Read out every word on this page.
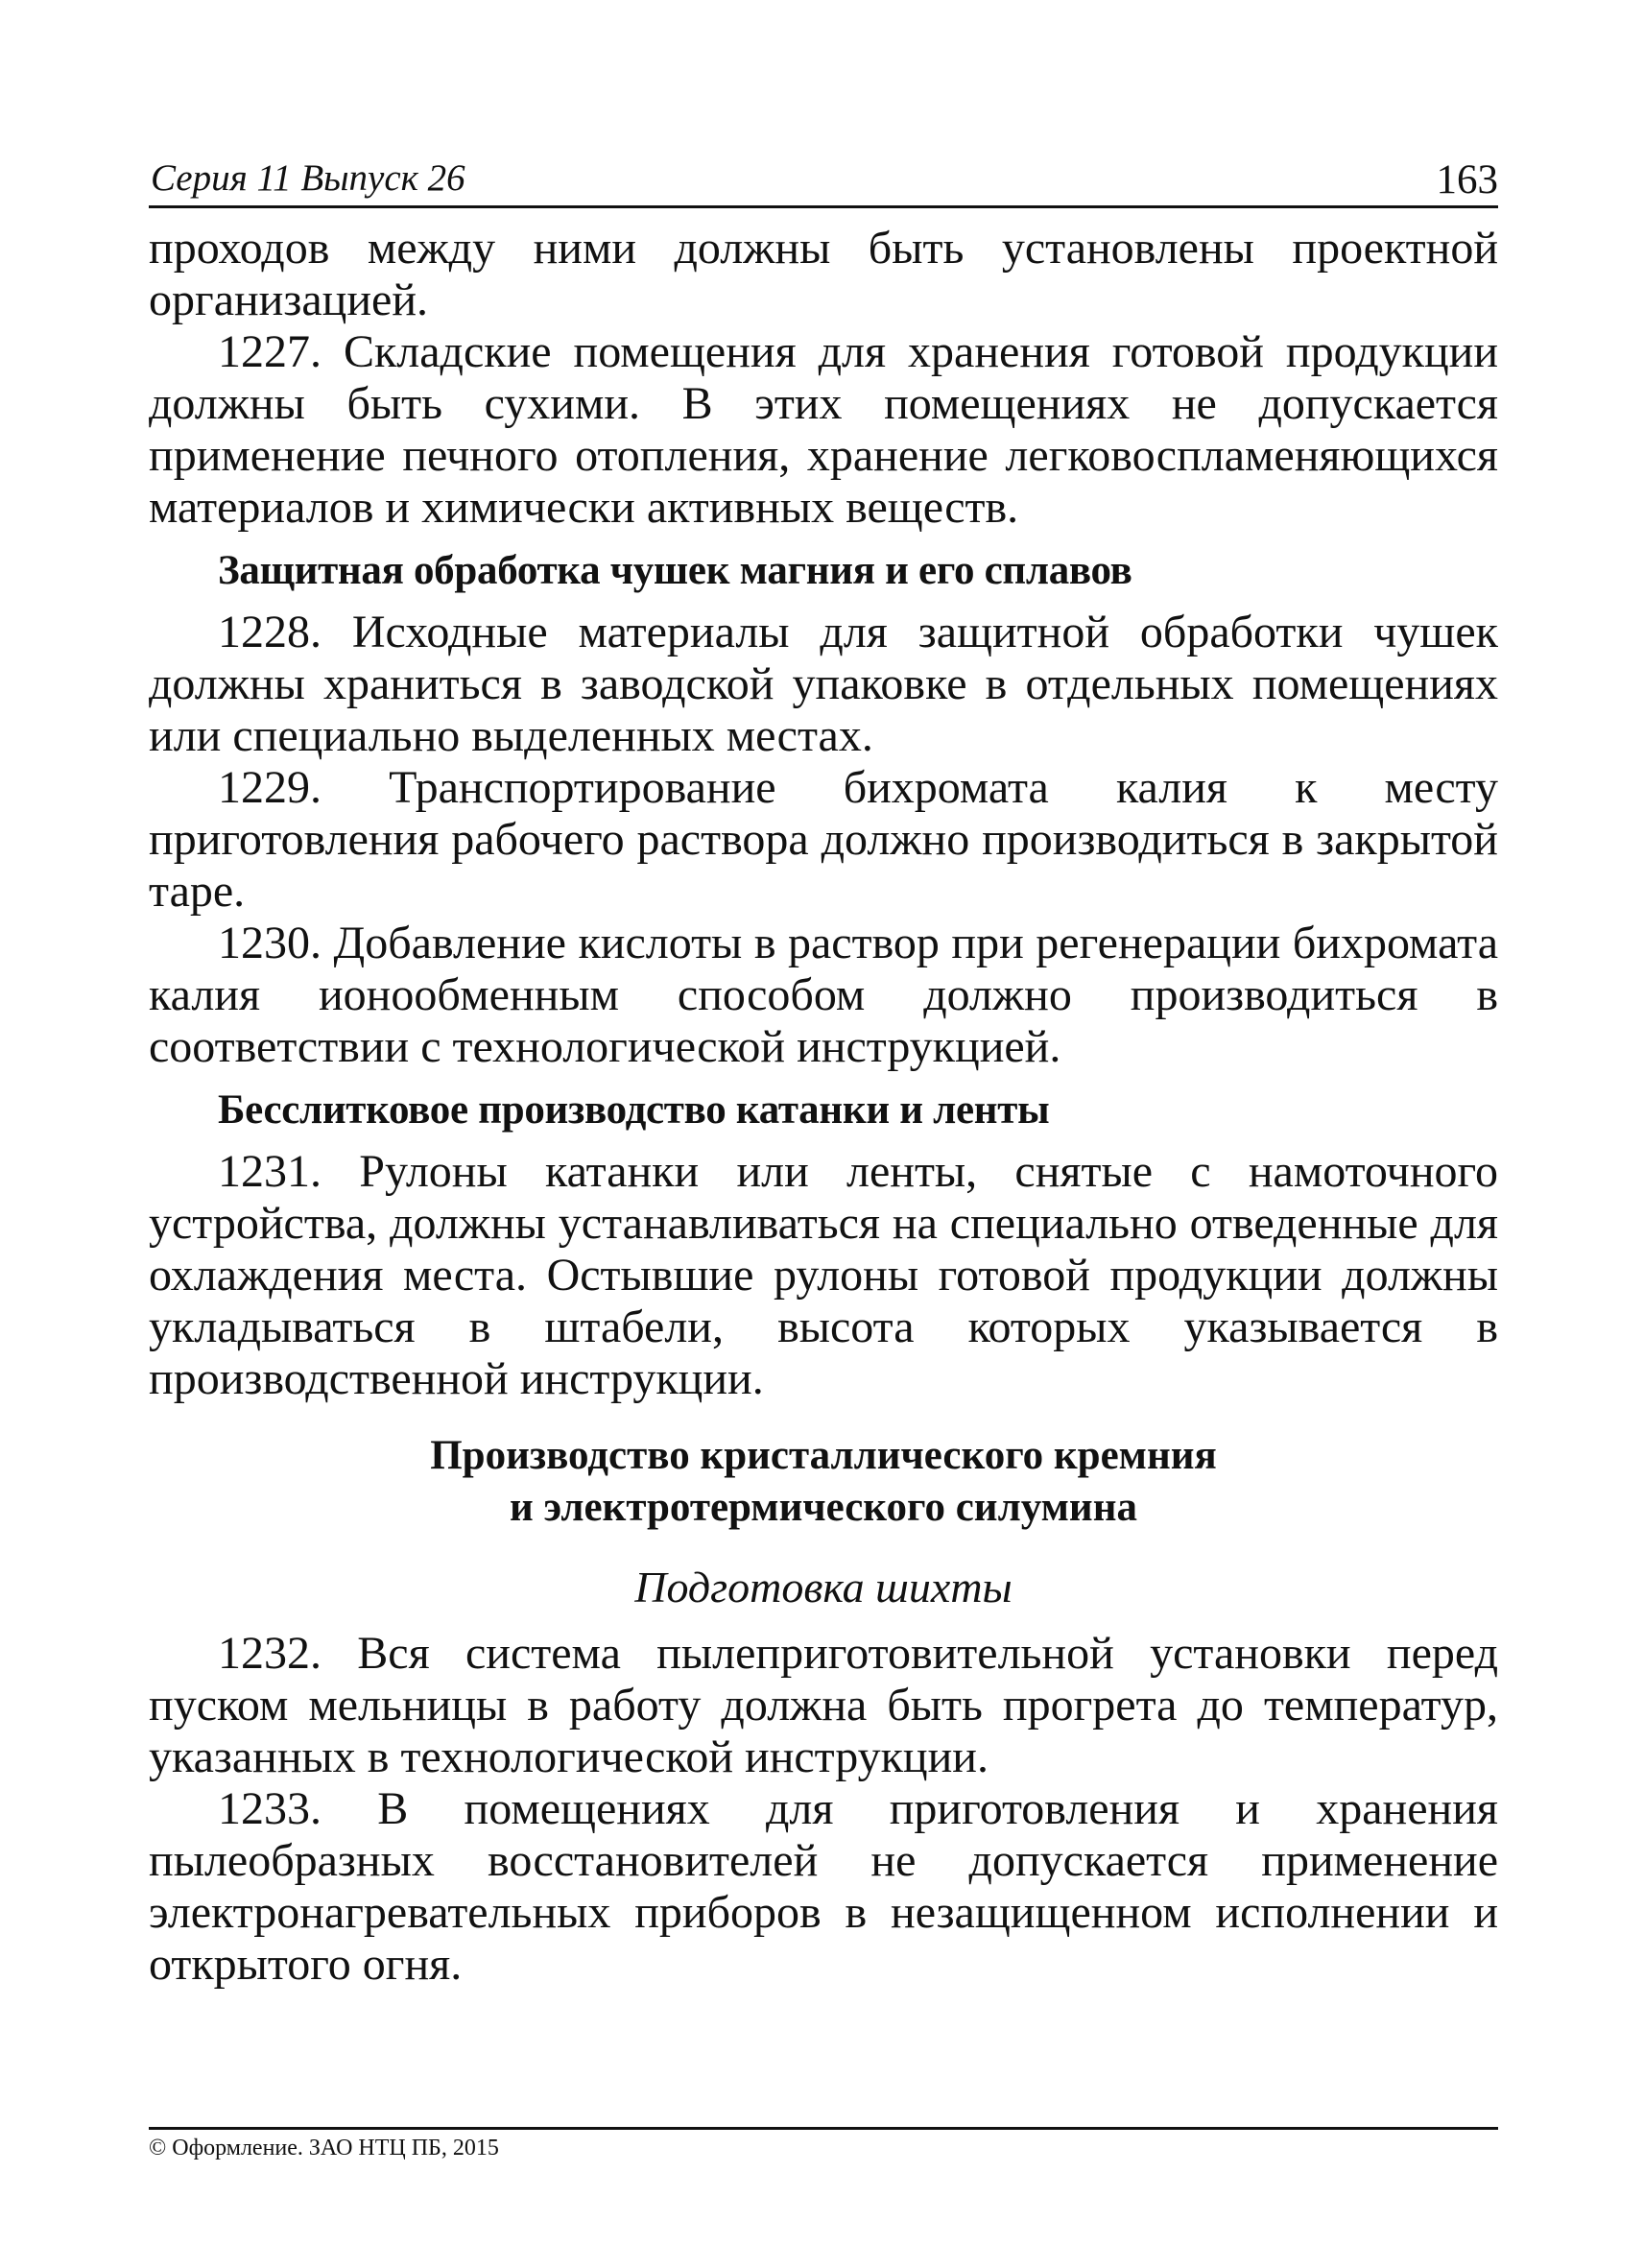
Серия 11 Выпуск 26	163

проходов между ними должны быть установлены проектной организацией.

1227. Складские помещения для хранения готовой продукции должны быть сухими. В этих помещениях не допускается применение печного отопления, хранение легковоспламеняющихся материалов и химически активных веществ.

Защитная обработка чушек магния и его сплавов

1228. Исходные материалы для защитной обработки чушек должны храниться в заводской упаковке в отдельных помещениях или специально выделенных местах.

1229. Транспортирование бихромата калия к месту приготовления рабочего раствора должно производиться в закрытой таре.

1230. Добавление кислоты в раствор при регенерации бихромата калия ионообменным способом должно производиться в соответствии с технологической инструкцией.

Бесслитковое производство катанки и ленты

1231. Рулоны катанки или ленты, снятые с намоточного устройства, должны устанавливаться на специально отведенные для охлаждения места. Остывшие рулоны готовой продукции должны укладываться в штабели, высота которых указывается в производственной инструкции.

Производство кристаллического кремния
и электротермического силумина
Подготовка шихты

1232. Вся система пылеприготовительной установки перед пуском мельницы в работу должна быть прогрета до температур, указанных в технологической инструкции.

1233. В помещениях для приготовления и хранения пылеобразных восстановителей не допускается применение электронагревательных приборов в незащищенном исполнении и открытого огня.

© Оформление. ЗАО НТЦ ПБ, 2015
